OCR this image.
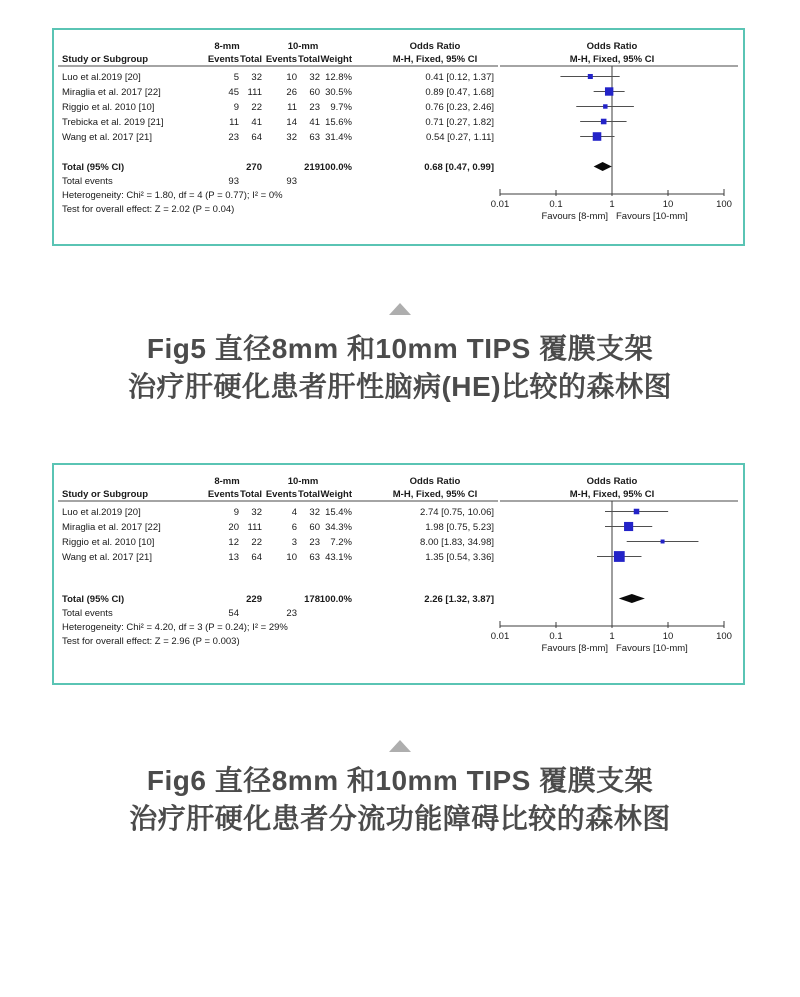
8-mm	10-mm	Odds Ratio	Odds Ratio
Study or Subgroup	Events Total Events Total Weight	M-H, Fixed, 95% CI	M-H, Fixed, 95% CI
Luo et al.2019 [20]	5 32	10 32 12.8%	0.41 [0.12, 1.37]
Miraglia et al. 2017 [22]	45 111	26 60 30.5%	0.89 [0.47, 1.68]
Riggio et al. 2010 [10]	9 22	11 23 9.7%	0.76 [0.23, 2.46]
Trebicka et al. 2019 [21]	11 41	14 41 15.6%	0.71 [0.27, 1.82]
Wang et al. 2017 [21]	23 64	32 63 31.4%	0.54 [0.27, 1.11]
Total (95% CI)	270	219 100.0%	0.68 [0.47, 0.99]
Total events	93	93
Heterogeneity: Chi² = 1.80, df = 4 (P = 0.77); I² = 0%
Test for overall effect: Z = 2.02 (P = 0.04)	0.01	0.1	1	10	100
Favours [8-mm] Favours [10-mm]
Fig5 直径8mm 和10mm TIPS 覆膜支架
治疗肝硬化患者肝性脑病(HE)比较的森林图
8-mm	10-mm	Odds Ratio	Odds Ratio
Study or Subgroup	Events Total Events Total Weight	M-H, Fixed, 95% CI	M-H, Fixed, 95% CI
Luo et al.2019 [20]	9 32	4 32 15.4%	2.74 [0.75, 10.06]
Miraglia et al. 2017 [22]	20 111	6 60 34.3%	1.98 [0.75, 5.23]
Riggio et al. 2010 [10]	12 22	3 23 7.2%	8.00 [1.83, 34.98]
Wang et al. 2017 [21]	13 64	10 63 43.1%	1.35 [0.54, 3.36]
Total (95% CI)	229	178 100.0%	2.26 [1.32, 3.87]
Total events	54	23
Heterogeneity: Chi² = 4.20, df = 3 (P = 0.24); I² = 29%
Test for overall effect: Z = 2.96 (P = 0.003)	0.01	0.1	1	10	100
Favours [8-mm] Favours [10-mm]
Fig6 直径8mm 和10mm TIPS 覆膜支架
治疗肝硬化患者分流功能障碍比较的森林图
